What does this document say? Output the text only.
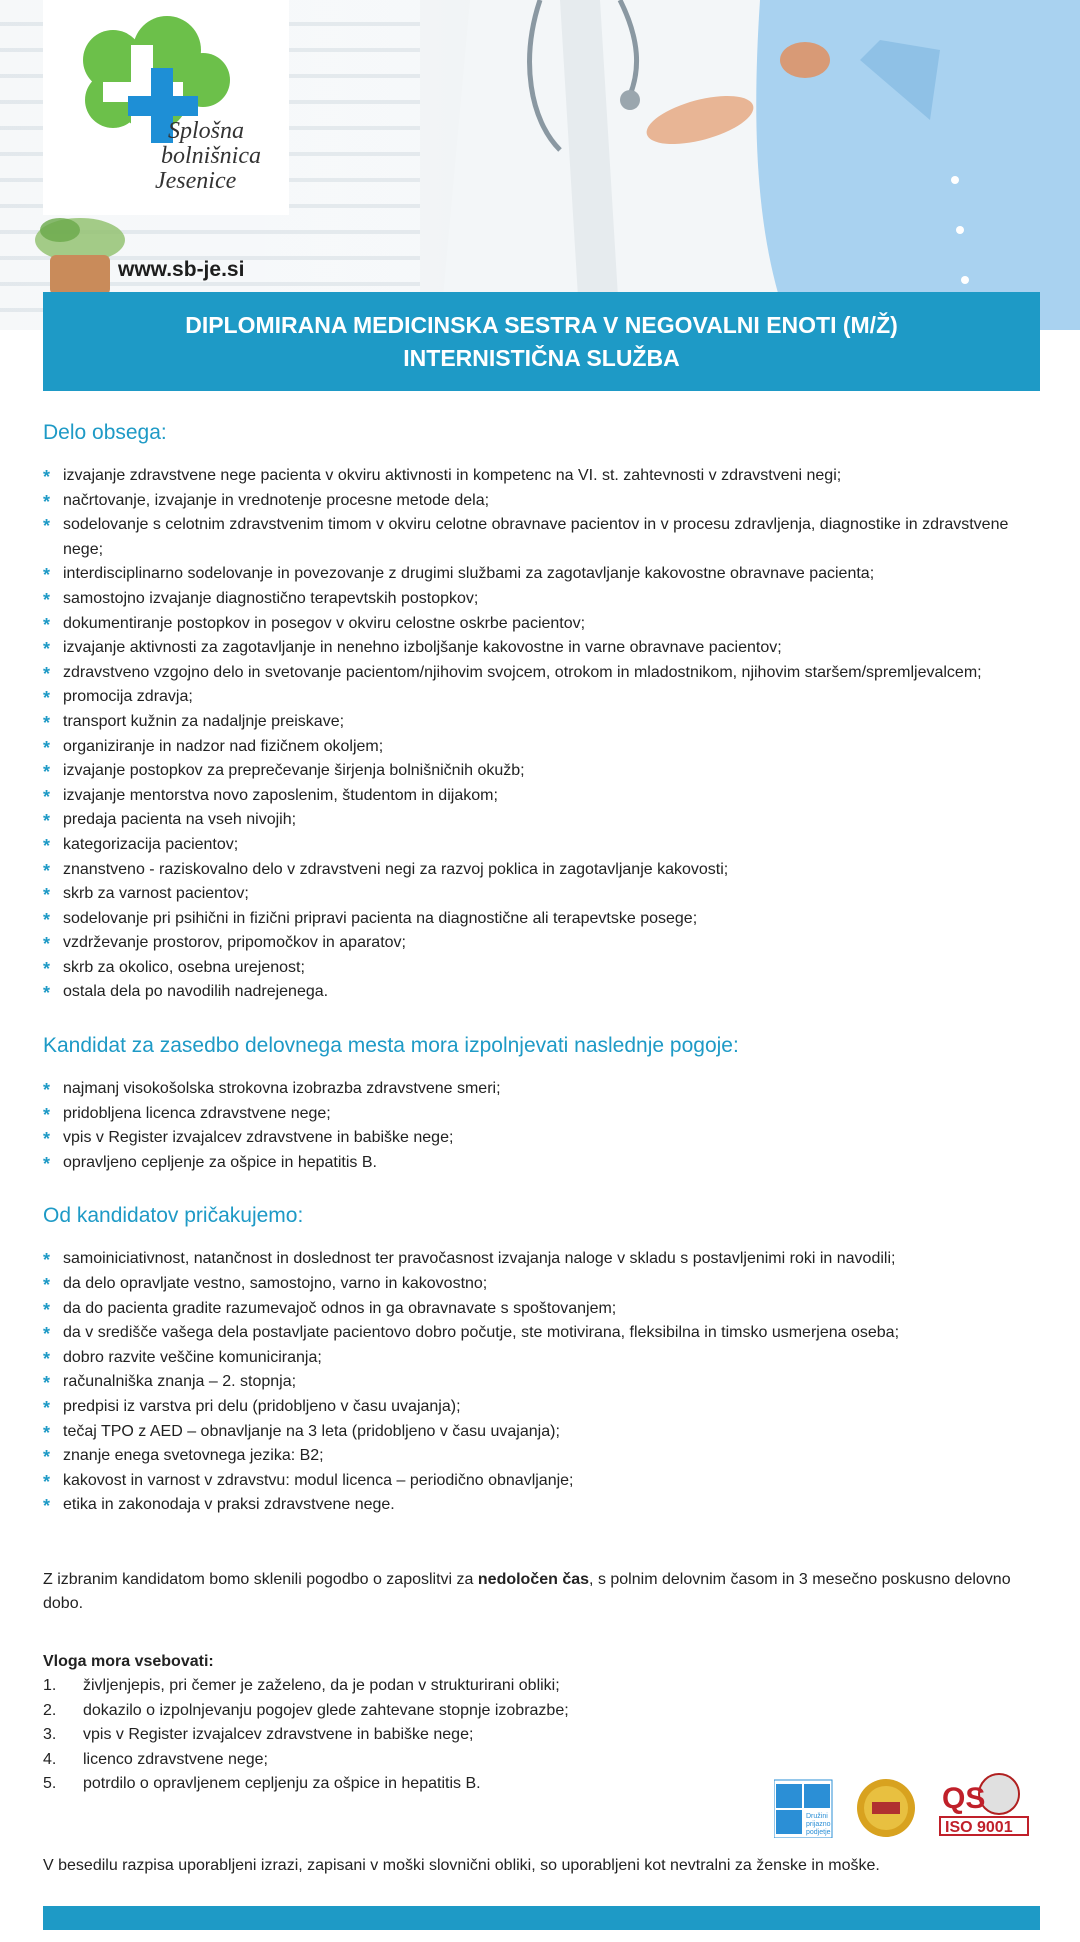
Splošna
bolnišnica
Jesenice
www.sb-je.si
DIPLOMIRANA MEDICINSKA SESTRA V NEGOVALNI ENOTI (M/Ž)
INTERNISTIČNA SLUŽBA
Delo obsega:
* izvajanje zdravstvene nege pacienta v okviru aktivnosti in kompetenc na VI. st. zahtevnosti v zdravstveni negi;
* načrtovanje, izvajanje in vrednotenje procesne metode dela;
* sodelovanje s celotnim zdravstvenim timom v okviru celotne obravnave pacientov in v procesu zdravljenja, diagnostike in zdravstvene nege;
* interdisciplinarno sodelovanje in povezovanje z drugimi službami za zagotavljanje kakovostne obravnave pacienta;
* samostojno izvajanje diagnostično terapevtskih postopkov;
* dokumentiranje postopkov in posegov v okviru celostne oskrbe pacientov;
* izvajanje aktivnosti za zagotavljanje in nenehno izboljšanje kakovostne in varne obravnave pacientov;
* zdravstveno vzgojno delo in svetovanje pacientom/njihovim svojcem, otrokom in mladostnikom, njihovim staršem/spremljevalcem;
* promocija zdravja;
* transport kužnin za nadaljnje preiskave;
* organiziranje in nadzor nad fizičnem okoljem;
* izvajanje postopkov za preprečevanje širjenja bolnišničnih okužb;
* izvajanje mentorstva novo zaposlenim, študentom in dijakom;
* predaja pacienta na vseh nivojih;
* kategorizacija pacientov;
* znanstveno - raziskovalno delo v zdravstveni negi za razvoj poklica in zagotavljanje kakovosti;
* skrb za varnost pacientov;
* sodelovanje pri psihični in fizični pripravi pacienta na diagnostične ali terapevtske posege;
* vzdrževanje prostorov, pripomočkov in aparatov;
* skrb za okolico, osebna urejenost;
* ostala dela po navodilih nadrejenega.
Kandidat za zasedbo delovnega mesta mora izpolnjevati naslednje pogoje:
* najmanj visokošolska strokovna izobrazba zdravstvene smeri;
* pridobljena licenca zdravstvene nege;
* vpis v Register izvajalcev zdravstvene in babiške nege;
* opravljeno cepljenje za ošpice in hepatitis B.
Od kandidatov pričakujemo:
* samoiniciativnost, natančnost in doslednost ter pravočasnost izvajanja naloge v skladu s postavljenimi roki in navodili;
* da delo opravljate vestno, samostojno, varno in kakovostno;
* da do pacienta gradite razumevajoč odnos in ga obravnavate s spoštovanjem;
* da v središče vašega dela postavljate pacientovo dobro počutje, ste motivirana, fleksibilna in timsko usmerjena oseba;
* dobro razvite veščine komuniciranja;
* računalniška znanja – 2. stopnja;
* predpisi iz varstva pri delu (pridobljeno v času uvajanja);
* tečaj TPO z AED – obnavljanje na 3 leta (pridobljeno v času uvajanja);
* znanje enega svetovnega jezika: B2;
* kakovost in varnost v zdravstvu: modul licenca – periodično obnavljanje;
* etika in zakonodaja v praksi zdravstvene nege.

Z izbranim kandidatom bomo sklenili pogodbo o zaposlitvi za nedoločen čas, s polnim delovnim časom in 3 mesečno poskusno delovno dobo.

Vloga mora vsebovati:
1. življenjepis, pri čemer je zaželeno, da je podan v strukturirani obliki;
2. dokazilo o izpolnjevanju pogojev glede zahtevane stopnje izobrazbe;
3. vpis v Register izvajalcev zdravstvene in babiške nege;
4. licenco zdravstvene nege;
5. potrdilo o opravljenem cepljenju za ošpice in hepatitis B.
Družini
prijazno
podjetje
QS
ISO 9001
V besedilu razpisa uporabljeni izrazi, zapisani v moški slovnični obliki, so uporabljeni kot nevtralni za ženske in moške.
